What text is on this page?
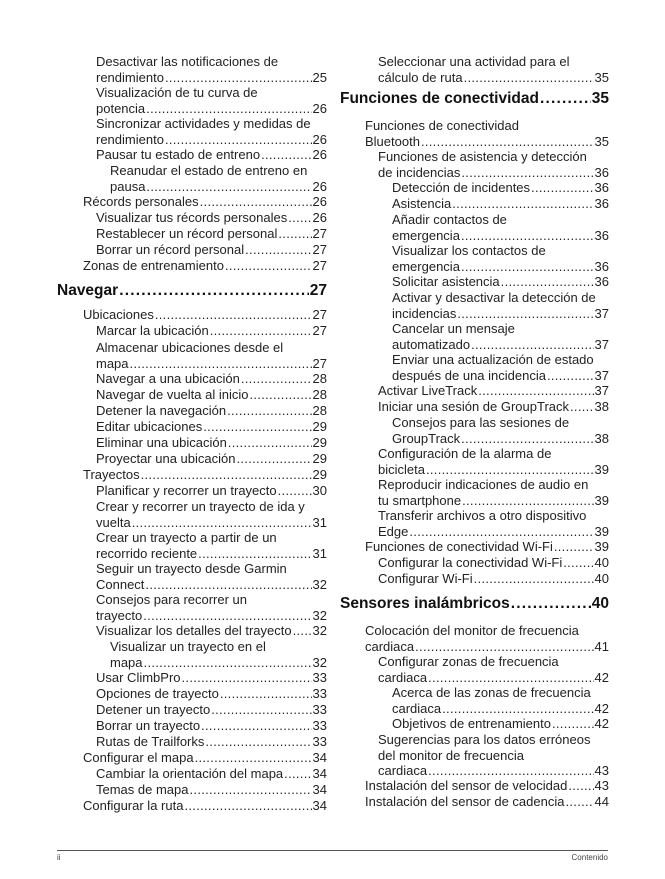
Desactivar las notificaciones de
rendimiento .....	25
Visualización de tu curva de
potencia .....	26
Sincronizar actividades y medidas de
rendimiento .....	26
Pausar tu estado de entreno .....	26
Reanudar el estado de entreno en
pausa .....	26
Récords personales .....	26
Visualizar tus récords personales ..... 26
Restablecer un récord personal .....	27
Borrar un récord personal .....	27
Zonas de entrenamiento .....	27
Navegar .....	27
Ubicaciones .....	27
Marcar la ubicación .....	27
Almacenar ubicaciones desde el
mapa .....	27
Navegar a una ubicación .....	28
Navegar de vuelta al inicio .....	28
Detener la navegación .....	28
Editar ubicaciones .....	29
Eliminar una ubicación .....	29
Proyectar una ubicación .....	29
Trayectos .....	29
Planificar y recorrer un trayecto .....	30
Crear y recorrer un trayecto de ida y
vuelta .....	31
Crear un trayecto a partir de un
recorrido reciente .....	31
Seguir un trayecto desde Garmin
Connect .....	32
Consejos para recorrer un
trayecto .....	32
Visualizar los detalles del trayecto ..... 32
Visualizar un trayecto en el
mapa .....	32
Usar ClimbPro .....	33
Opciones de trayecto .....	33
Detener un trayecto .....	33
Borrar un trayecto .....	33
Rutas de Trailforks .....	33
Configurar el mapa .....	34
Cambiar la orientación del mapa ..... 34
Temas de mapa .....	34
Configurar la ruta .....	34
Seleccionar una actividad para el
cálculo de ruta .....	35
Funciones de conectividad .....	35
Funciones de conectividad
Bluetooth .....	35
Funciones de asistencia y detección
de incidencias .....	36
Detección de incidentes .....	36
Asistencia .....	36
Añadir contactos de
emergencia .....	36
Visualizar los contactos de
emergencia .....	36
Solicitar asistencia .....	36
Activar y desactivar la detección de
incidencias .....	37
Cancelar un mensaje
automatizado .....	37
Enviar una actualización de estado
después de una incidencia .....	37
Activar LiveTrack .....	37
Iniciar una sesión de GroupTrack ..... 38
Consejos para las sesiones de
GroupTrack .....	38
Configuración de la alarma de
bicicleta .....	39
Reproducir indicaciones de audio en
tu smartphone .....	39
Transferir archivos a otro dispositivo
Edge .....	39
Funciones de conectividad Wi‑Fi .....	39
Configurar la conectividad Wi‑Fi ..... 40
Configurar Wi‑Fi .....	40
Sensores inalámbricos .....	40
Colocación del monitor de frecuencia
cardiaca .....	41
Configurar zonas de frecuencia
cardiaca .....	42
Acerca de las zonas de frecuencia
cardiaca .....	42
Objetivos de entrenamiento .....	42
Sugerencias para los datos erróneos
del monitor de frecuencia
cardiaca .....	43
Instalación del sensor de velocidad ..... 43
Instalación del sensor de cadencia ..... 44
ii	Contenido
